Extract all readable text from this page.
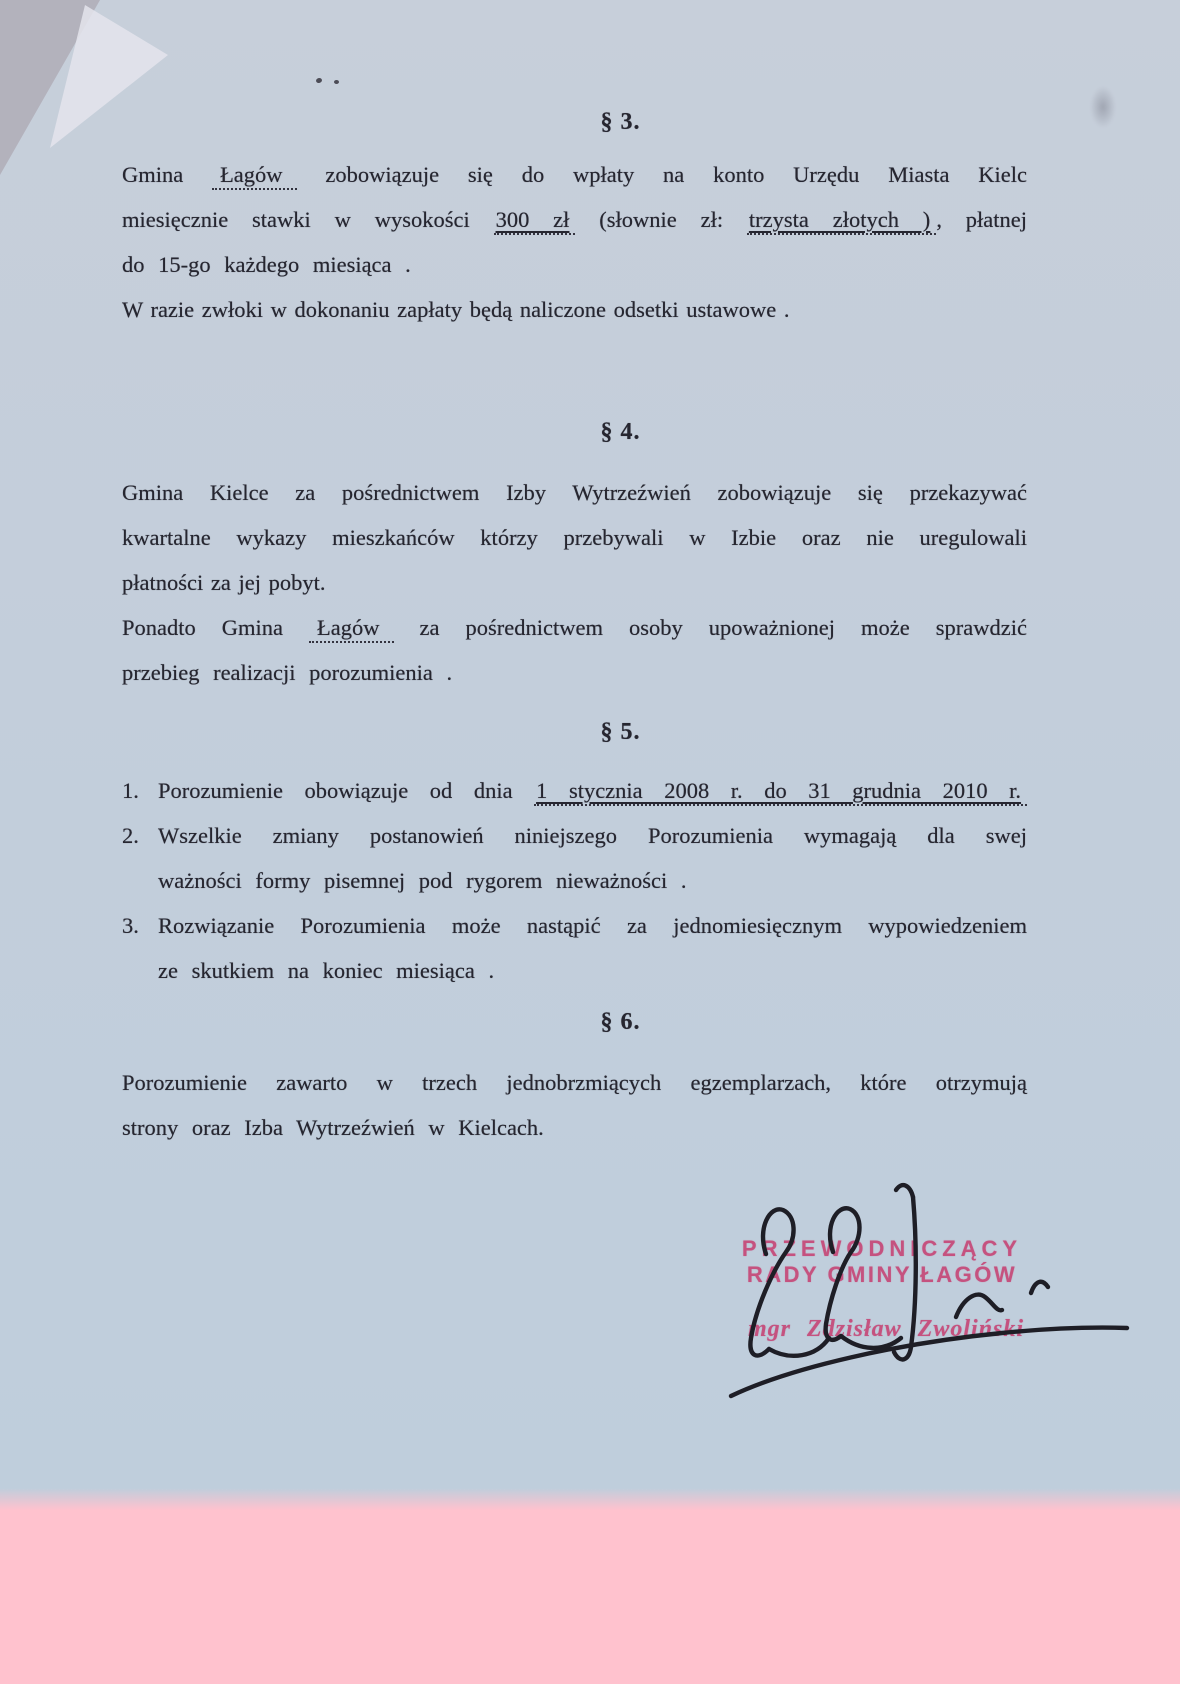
§ 3.
Gmina Łagów zobowiązuje się do wpłaty na konto Urzędu Miasta Kielc
miesięcznie stawki w wysokości 300 zł (słownie zł: trzysta złotych ) , płatnej
do 15-go każdego miesiąca .
W razie zwłoki w dokonaniu zapłaty będą naliczone odsetki ustawowe .
§ 4.
Gmina Kielce za pośrednictwem Izby Wytrzeźwień zobowiązuje się przekazywać
kwartalne wykazy mieszkańców którzy przebywali w Izbie oraz nie uregulowali
płatności za jej pobyt.
Ponadto Gmina Łagów za pośrednictwem osoby upoważnionej może sprawdzić
przebieg realizacji porozumienia .
§ 5.
1. Porozumienie obowiązuje od dnia 1 stycznia 2008 r. do 31 grudnia 2010 r.
2. Wszelkie zmiany postanowień niniejszego Porozumienia wymagają dla swej
ważności formy pisemnej pod rygorem nieważności .
3. Rozwiązanie Porozumienia może nastąpić za jednomiesięcznym wypowiedzeniem
ze skutkiem na koniec miesiąca .
§ 6.
Porozumienie zawarto w trzech jednobrzmiących egzemplarzach, które otrzymują
strony oraz Izba Wytrzeźwień w Kielcach.
PRZEWODNICZĄCY
RADY GMINY ŁAGÓW
mgr Zdzisław Zwoliński
